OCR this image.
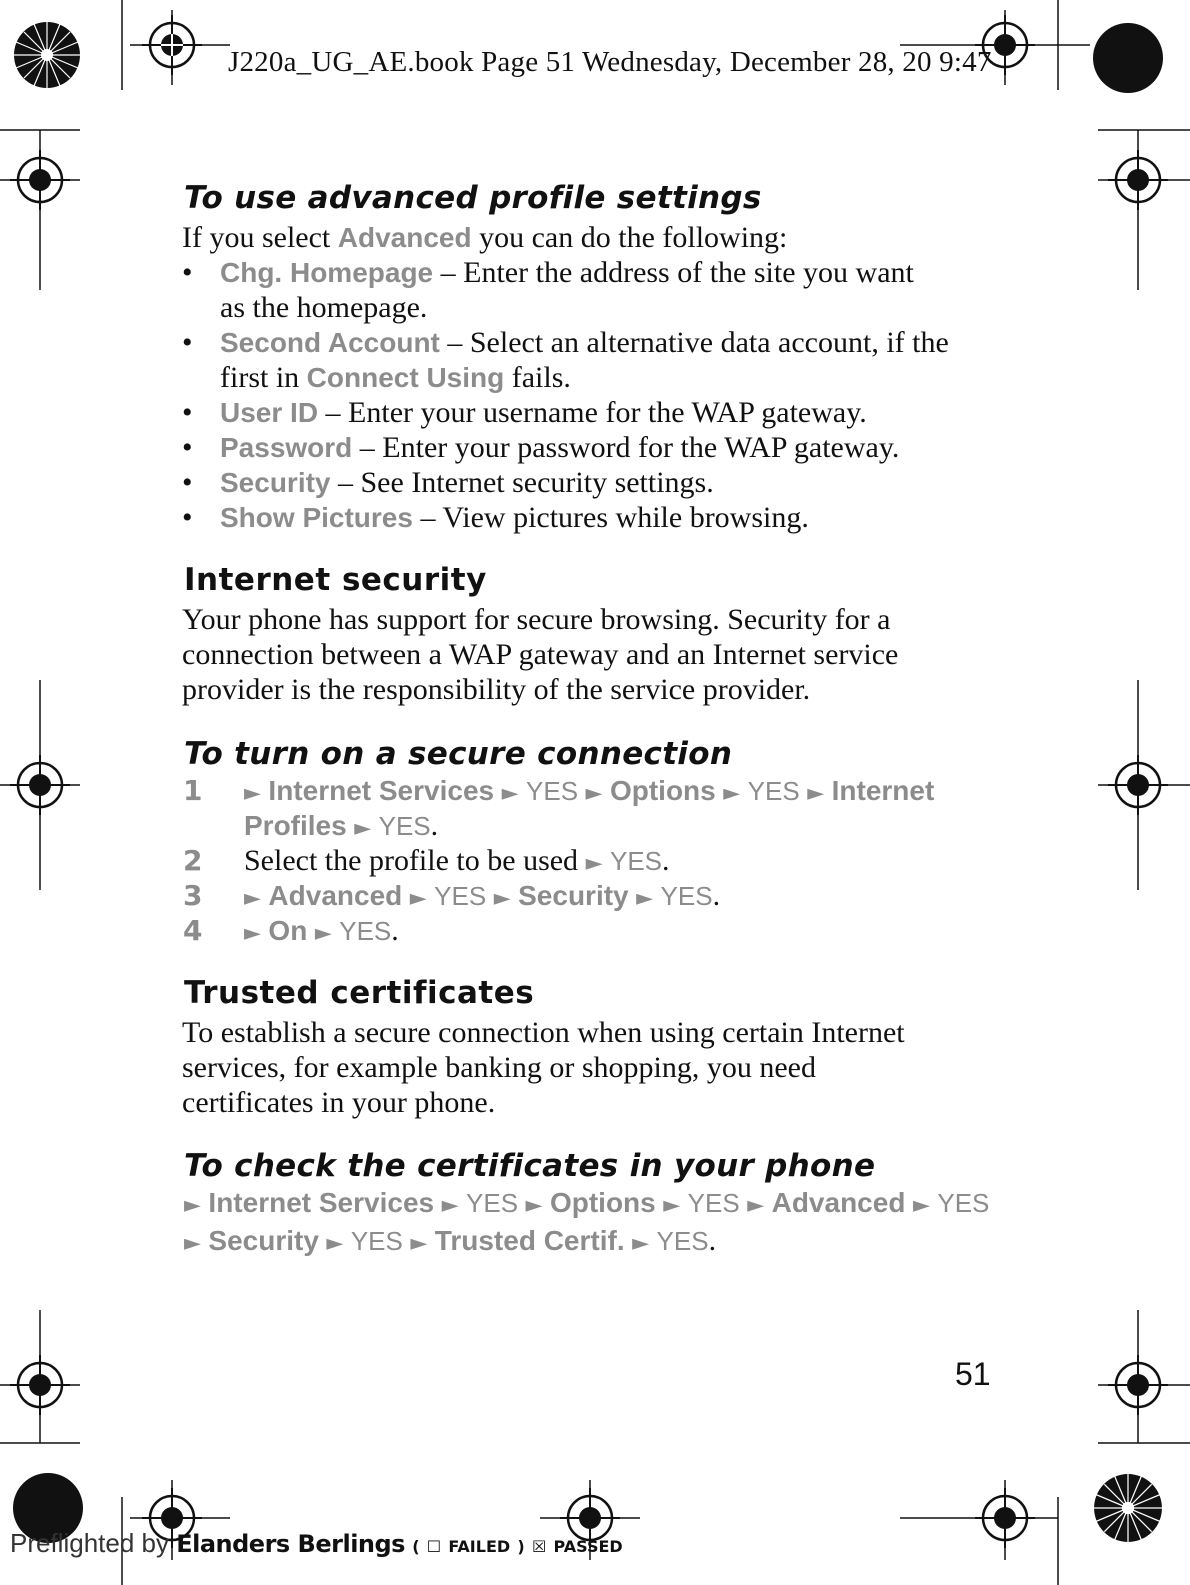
J220a_UG_AE.book Page 51 Wednesday, December 28, 20 9:47
To use advanced profile settings
If you select Advanced you can do the following:
• Chg. Homepage – Enter the address of the site you want
as the homepage.
• Second Account – Select an alternative data account, if the
first in Connect Using fails.
• User ID – Enter your username for the WAP gateway.
• Password – Enter your password for the WAP gateway.
• Security – See Internet security settings.
• Show Pictures – View pictures while browsing.
Internet security
Your phone has support for secure browsing. Security for a
connection between a WAP gateway and an Internet service
provider is the responsibility of the service provider.
To turn on a secure connection
1 ► Internet Services ► YES ► Options ► YES ► Internet
Profiles ► YES.
2 Select the profile to be used ► YES.
3 ► Advanced ► YES ► Security ► YES.
4 ► On ► YES.
Trusted certificates
To establish a secure connection when using certain Internet
services, for example banking or shopping, you need
certificates in your phone.
To check the certificates in your phone
► Internet Services ► YES ► Options ► YES ► Advanced ► YES
► Security ► YES ► Trusted Certif. ► YES.
51
Preflighted by Elanders Berlings ( ☐ FAILED ) ☒ PASSED
